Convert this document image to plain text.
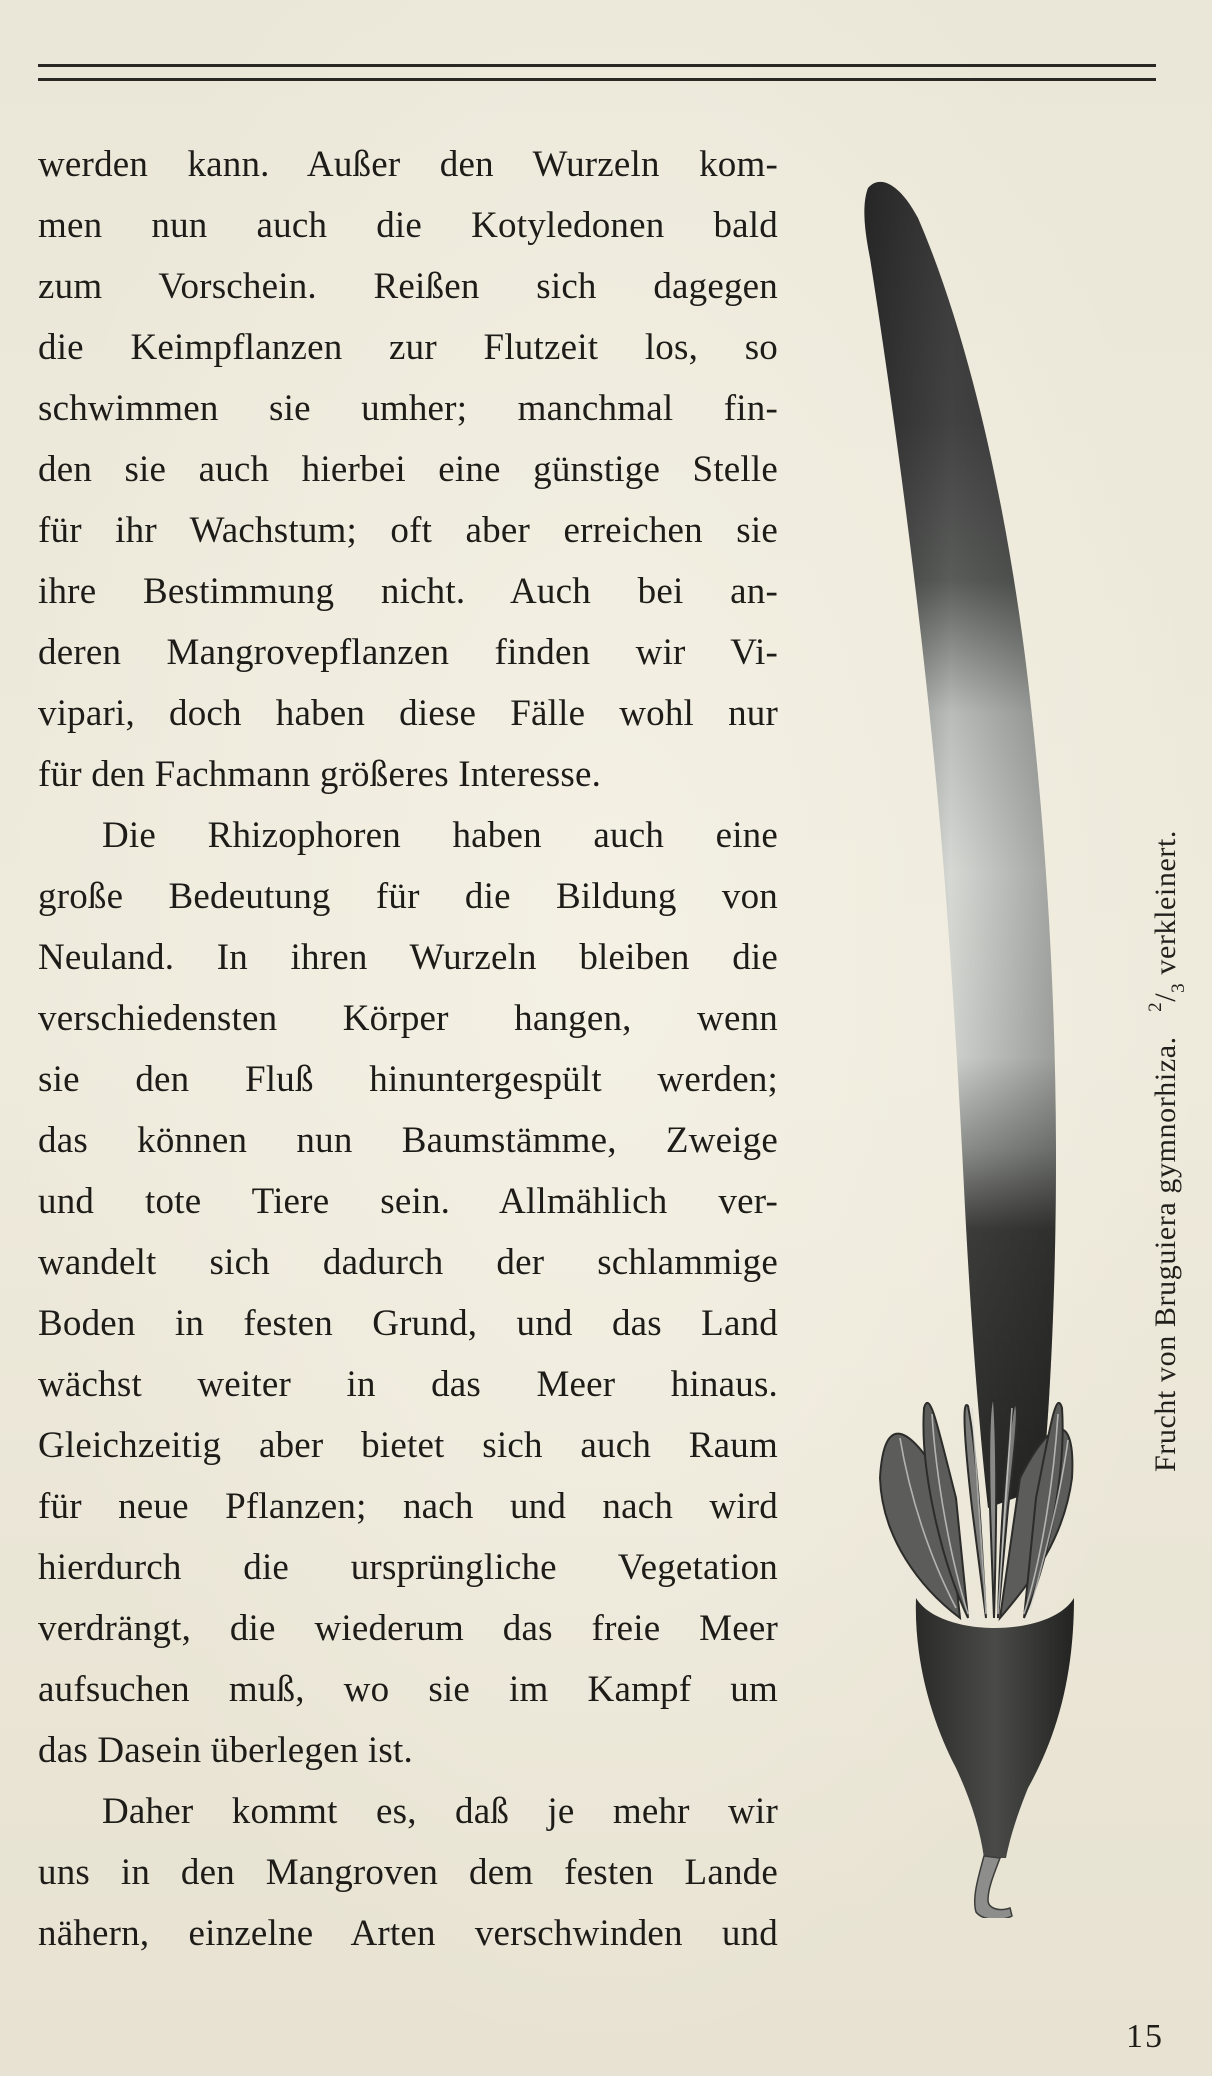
werden kann. Außer den Wurzeln kom-
men nun auch die Kotyledonen bald
zum Vorschein. Reißen sich dagegen
die Keimpflanzen zur Flutzeit los, so
schwimmen sie umher; manchmal fin-
den sie auch hierbei eine günstige Stelle
für ihr Wachstum; oft aber erreichen sie
ihre Bestimmung nicht. Auch bei an-
deren Mangrovepflanzen finden wir Vi-
vipari, doch haben diese Fälle wohl nur
für den Fachmann größeres Interesse.
Die Rhizophoren haben auch eine
große Bedeutung für die Bildung von
Neuland. In ihren Wurzeln bleiben die
verschiedensten Körper hangen, wenn
sie den Fluß hinuntergespült werden;
das können nun Baumstämme, Zweige
und tote Tiere sein. Allmählich ver-
wandelt sich dadurch der schlammige
Boden in festen Grund, und das Land
wächst weiter in das Meer hinaus.
Gleichzeitig aber bietet sich auch Raum
für neue Pflanzen; nach und nach wird
hierdurch die ursprüngliche Vegetation
verdrängt, die wiederum das freie Meer
aufsuchen muß, wo sie im Kampf um
das Dasein überlegen ist.
Daher kommt es, daß je mehr wir
uns in den Mangroven dem festen Lande
nähern, einzelne Arten verschwinden und
Frucht von Bruguiera gymnorhiza.   $^2/_3$ verkleinert.
15
